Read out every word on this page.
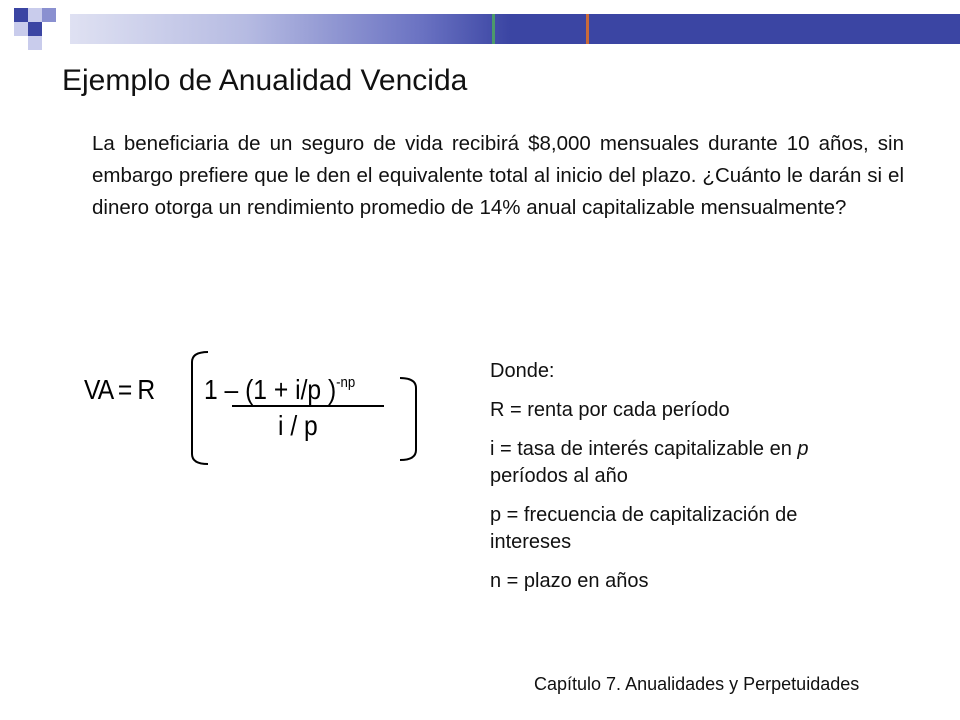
Ejemplo de Anualidad Vencida
La beneficiaria de un seguro de vida recibirá $8,000 mensuales durante 10 años, sin embargo prefiere que le den el equivalente total al inicio del plazo. ¿Cuánto le darán si el dinero otorga un rendimiento promedio de 14% anual capitalizable mensualmente?
VA = R 1 – (1 + i/p )$^{-np}$
i / p

Donde:

R = renta por cada período

i = tasa de interés capitalizable en p períodos al año

p = frecuencia de capitalización de intereses

n = plazo en años

Capítulo 7. Anualidades y Perpetuidades
